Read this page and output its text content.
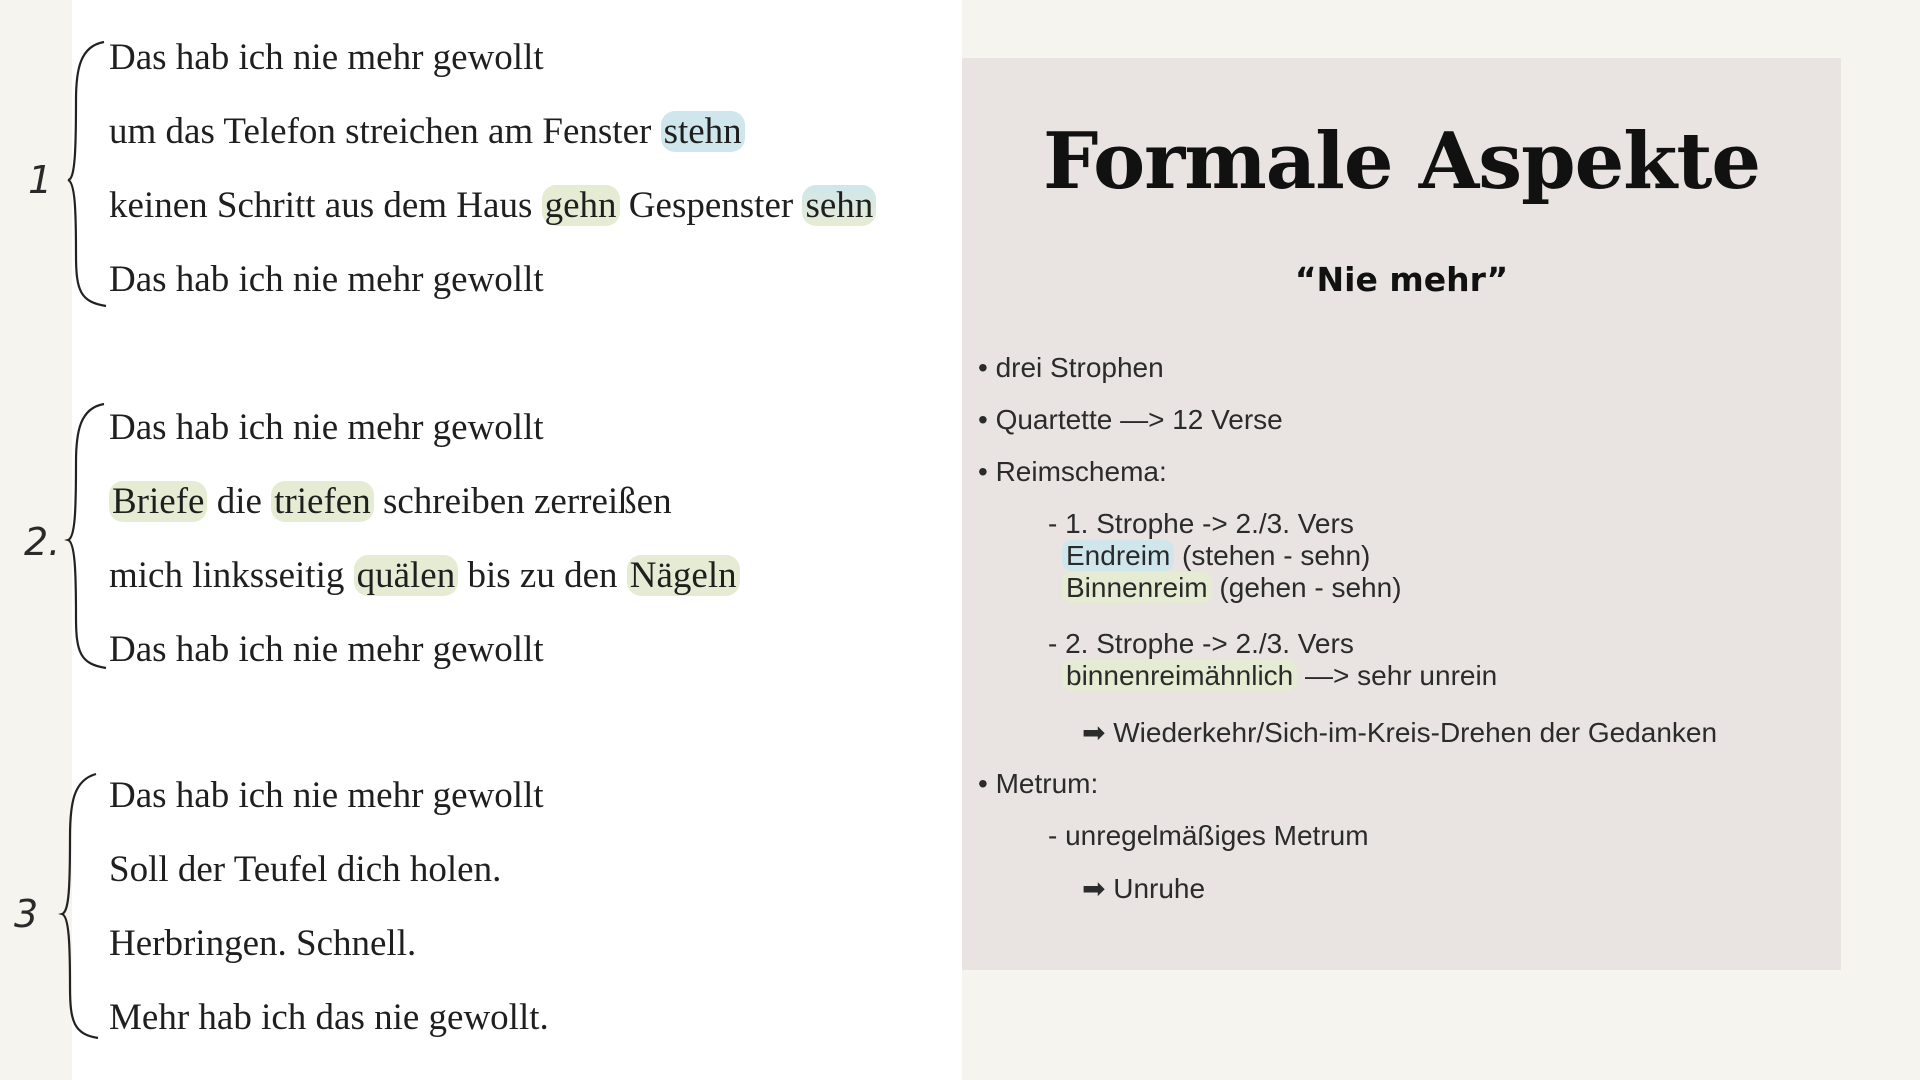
1
2.
3
Das hab ich nie mehr gewollt
um das Telefon streichen am Fenster stehn
keinen Schritt aus dem Haus gehn Gespenster sehn
Das hab ich nie mehr gewollt
Das hab ich nie mehr gewollt
Briefe die triefen schreiben zerreißen
mich linksseitig quälen bis zu den Nägeln
Das hab ich nie mehr gewollt
Das hab ich nie mehr gewollt
Soll der Teufel dich holen.
Herbringen. Schnell.
Mehr hab ich das nie gewollt.
Formale Aspekte
“Nie mehr”
• drei Strophen
• Quartette —> 12 Verse
• Reimschema:
- 1. Strophe -> 2./3. Vers
Endreim (stehen - sehn)
Binnenreim (gehen - sehn)
- 2. Strophe -> 2./3. Vers
binnenreimähnlich —> sehr unrein
➡ Wiederkehr/Sich-im-Kreis-Drehen der Gedanken
• Metrum:
- unregelmäßiges Metrum
➡ Unruhe
